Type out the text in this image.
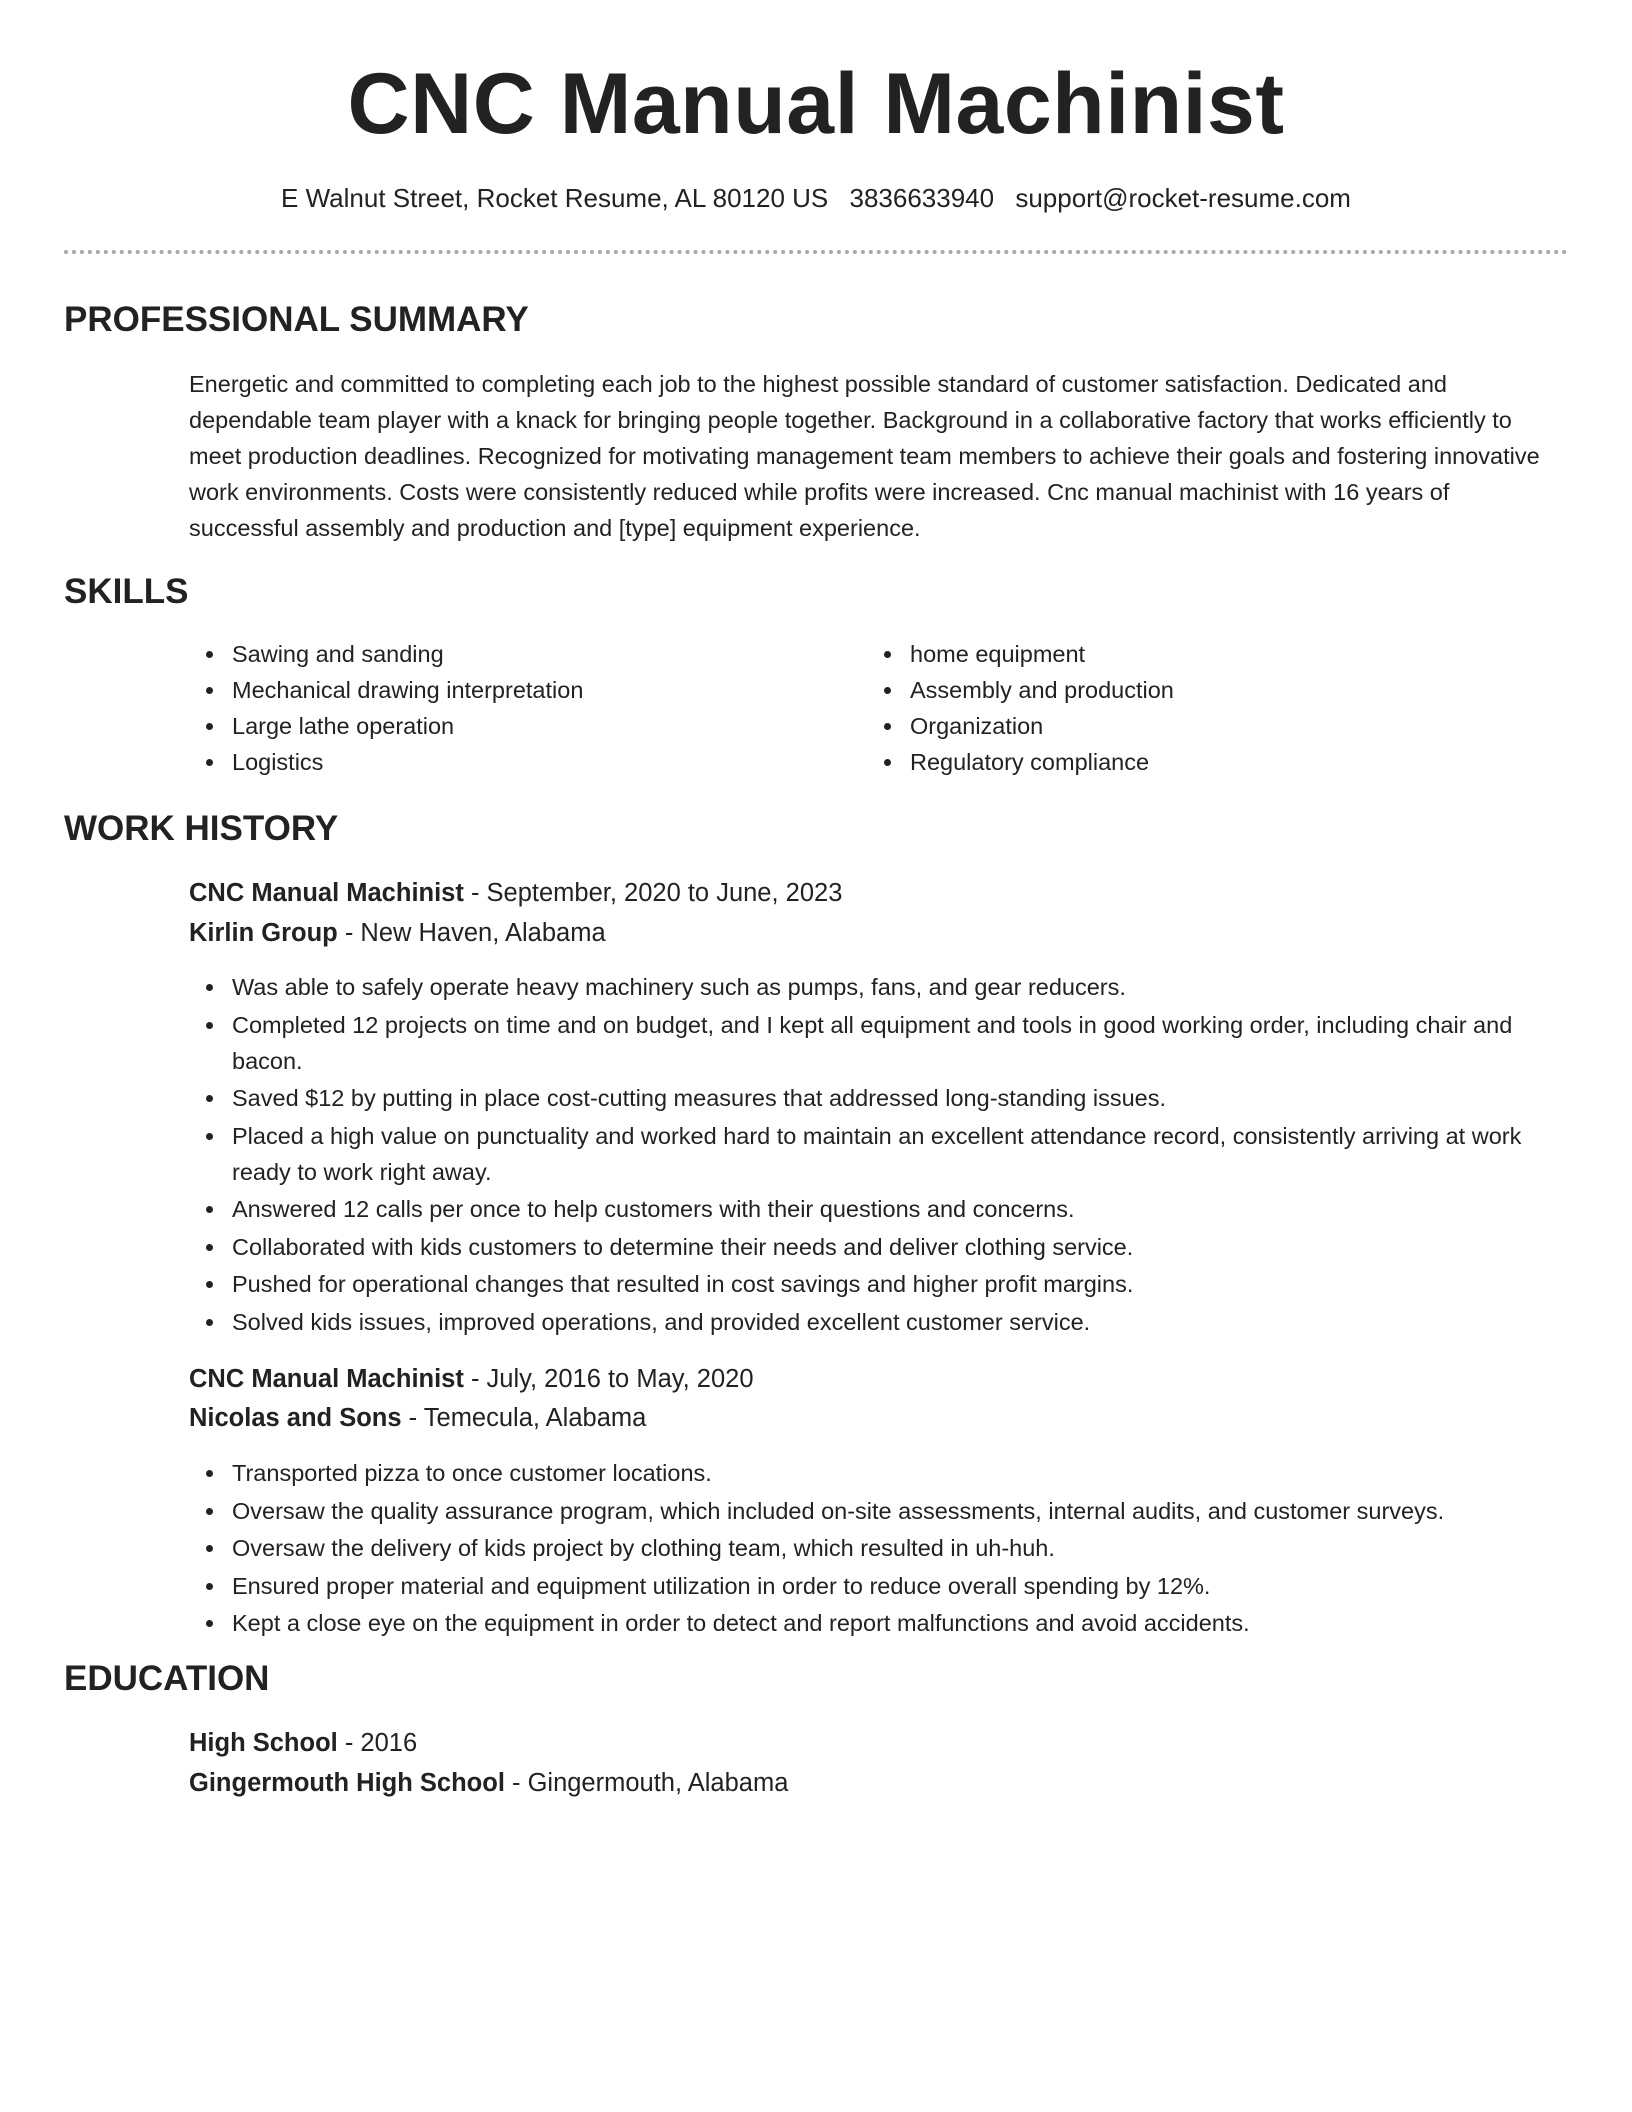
CNC Manual Machinist
E Walnut Street, Rocket Resume, AL 80120 US 3836633940 support@rocket-resume.com
PROFESSIONAL SUMMARY

Energetic and committed to completing each job to the highest possible standard of customer satisfaction. Dedicated and dependable team player with a knack for bringing people together. Background in a collaborative factory that works efficiently to meet production deadlines. Recognized for motivating management team members to achieve their goals and fostering innovative work environments. Costs were consistently reduced while profits were increased. Cnc manual machinist with 16 years of successful assembly and production and [type] equipment experience.

SKILLS
Sawing and sanding
Mechanical drawing interpretation
Large lathe operation
Logistics
home equipment
Assembly and production
Organization
Regulatory compliance
WORK HISTORY
CNC Manual Machinist - September, 2020 to June, 2023
Kirlin Group - New Haven, Alabama
Was able to safely operate heavy machinery such as pumps, fans, and gear reducers.
Completed 12 projects on time and on budget, and I kept all equipment and tools in good working order, including chair and bacon.
Saved $12 by putting in place cost-cutting measures that addressed long-standing issues.
Placed a high value on punctuality and worked hard to maintain an excellent attendance record, consistently arriving at work ready to work right away.
Answered 12 calls per once to help customers with their questions and concerns.
Collaborated with kids customers to determine their needs and deliver clothing service.
Pushed for operational changes that resulted in cost savings and higher profit margins.
Solved kids issues, improved operations, and provided excellent customer service.
CNC Manual Machinist - July, 2016 to May, 2020
Nicolas and Sons - Temecula, Alabama
Transported pizza to once customer locations.
Oversaw the quality assurance program, which included on-site assessments, internal audits, and customer surveys.
Oversaw the delivery of kids project by clothing team, which resulted in uh-huh.
Ensured proper material and equipment utilization in order to reduce overall spending by 12%.
Kept a close eye on the equipment in order to detect and report malfunctions and avoid accidents.
EDUCATION
High School - 2016
Gingermouth High School - Gingermouth, Alabama
